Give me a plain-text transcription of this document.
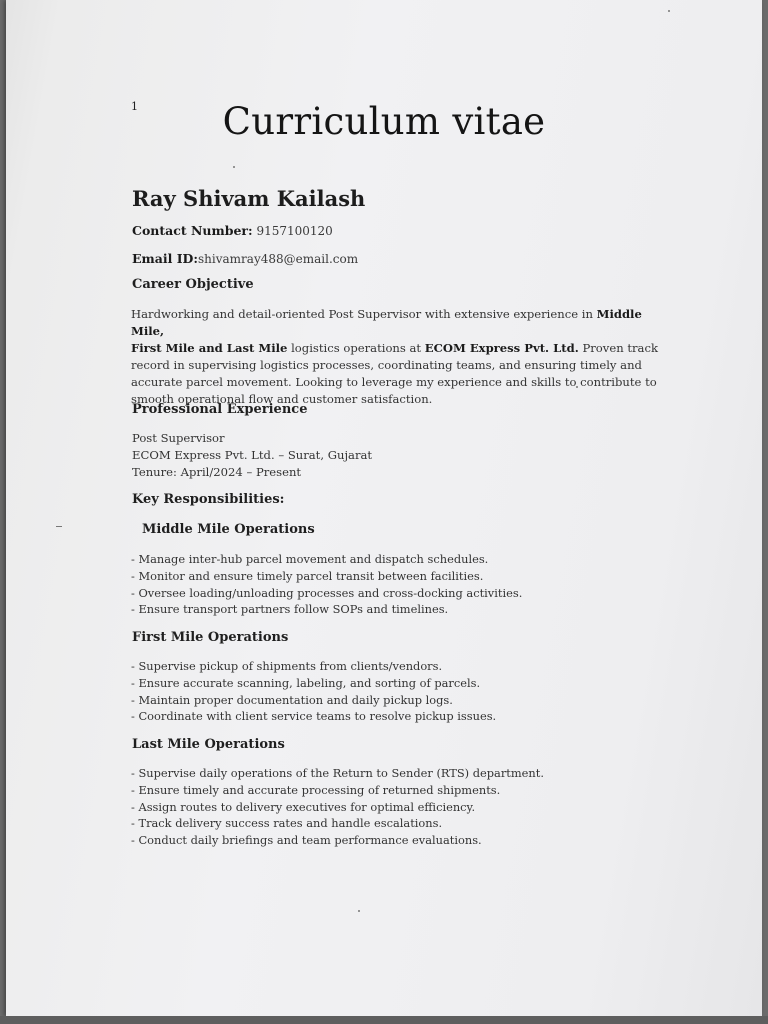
1	Curriculum vitae
Ray Shivam Kailash
Contact Number: 9157100120
Email ID:shivamray488@email.com
Career Objective

Hardworking and detail-oriented Post Supervisor with extensive experience in Middle Mile,
First Mile and Last Mile logistics operations at ECOM Express Pvt. Ltd. Proven track record in supervising logistics processes, coordinating teams, and ensuring timely and accurate parcel movement. Looking to leverage my experience and skills to contribute to smooth operational flow and customer satisfaction.

Professional Experience
Post Supervisor
ECOM Express Pvt. Ltd. – Surat, Gujarat
Tenure: April/2024 – Present
Key Responsibilities:
Middle Mile Operations
- Manage inter-hub parcel movement and dispatch schedules.
- Monitor and ensure timely parcel transit between facilities.
- Oversee loading/unloading processes and cross-docking activities.
- Ensure transport partners follow SOPs and timelines.
First Mile Operations
- Supervise pickup of shipments from clients/vendors.
- Ensure accurate scanning, labeling, and sorting of parcels.
- Maintain proper documentation and daily pickup logs.
- Coordinate with client service teams to resolve pickup issues.
Last Mile Operations
- Supervise daily operations of the Return to Sender (RTS) department.
- Ensure timely and accurate processing of returned shipments.
- Assign routes to delivery executives for optimal efficiency.
- Track delivery success rates and handle escalations.
- Conduct daily briefings and team performance evaluations.
